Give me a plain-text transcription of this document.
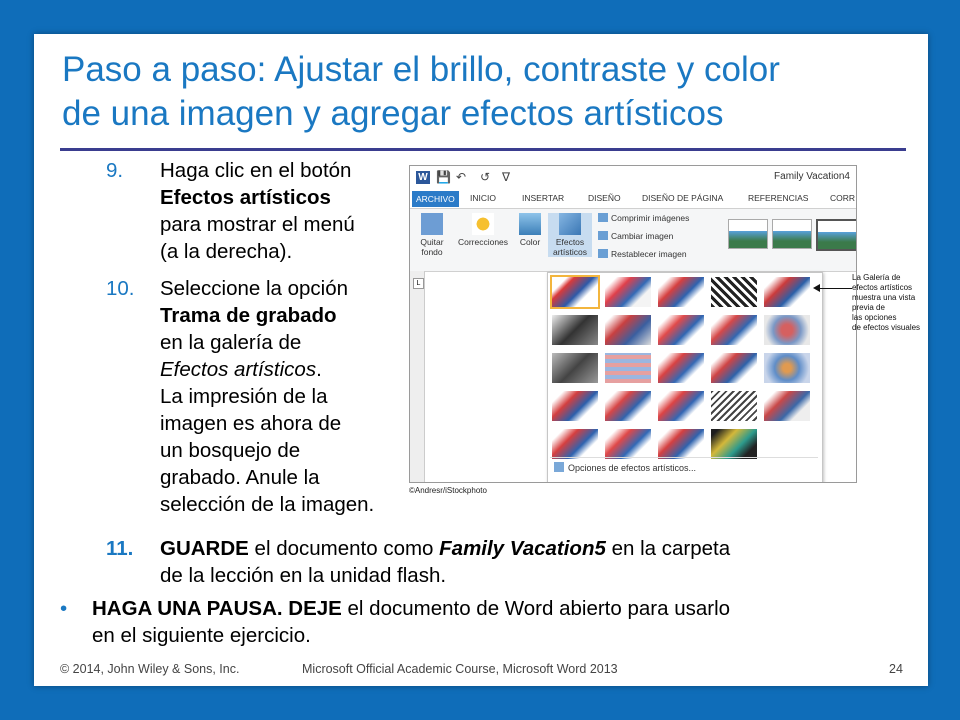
Paso a paso: Ajustar el brillo, contraste y color
de una imagen y agregar efectos artísticos
9. Haga clic en el botón
Efectos artísticos
para mostrar el menú
(a la derecha).
10. Seleccione la opción
Trama de grabado
en la galería de
Efectos artísticos.
La impresión de la
imagen es ahora de
un bosquejo de
grabado. Anule la
selección de la imagen.
11. GUARDE el documento como Family Vacation5 en la carpeta
de la lección en la unidad flash.
• HAGA UNA PAUSA. DEJE el documento de Word abierto para usarlo
en el siguiente ejercicio.
W 💾 ↶ ↺ ∇	Family Vacation4
ARCHIVO	INICIO	INSERTAR	DISEÑO	DISEÑO DE PÁGINA	REFERENCIAS	CORR
Quitar fondo
Correcciones	Color	Efectos artísticos
Comprimir imágenes
Cambiar imagen
Restablecer imagen
L
Opciones de efectos artísticos...
©Andresr/iStockphoto
La Galería de
efectos artísticos
muestra una vista
previa de
las opciones
de efectos visuales
© 2014, John Wiley & Sons, Inc.	Microsoft Official Academic Course, Microsoft Word 2013	24
